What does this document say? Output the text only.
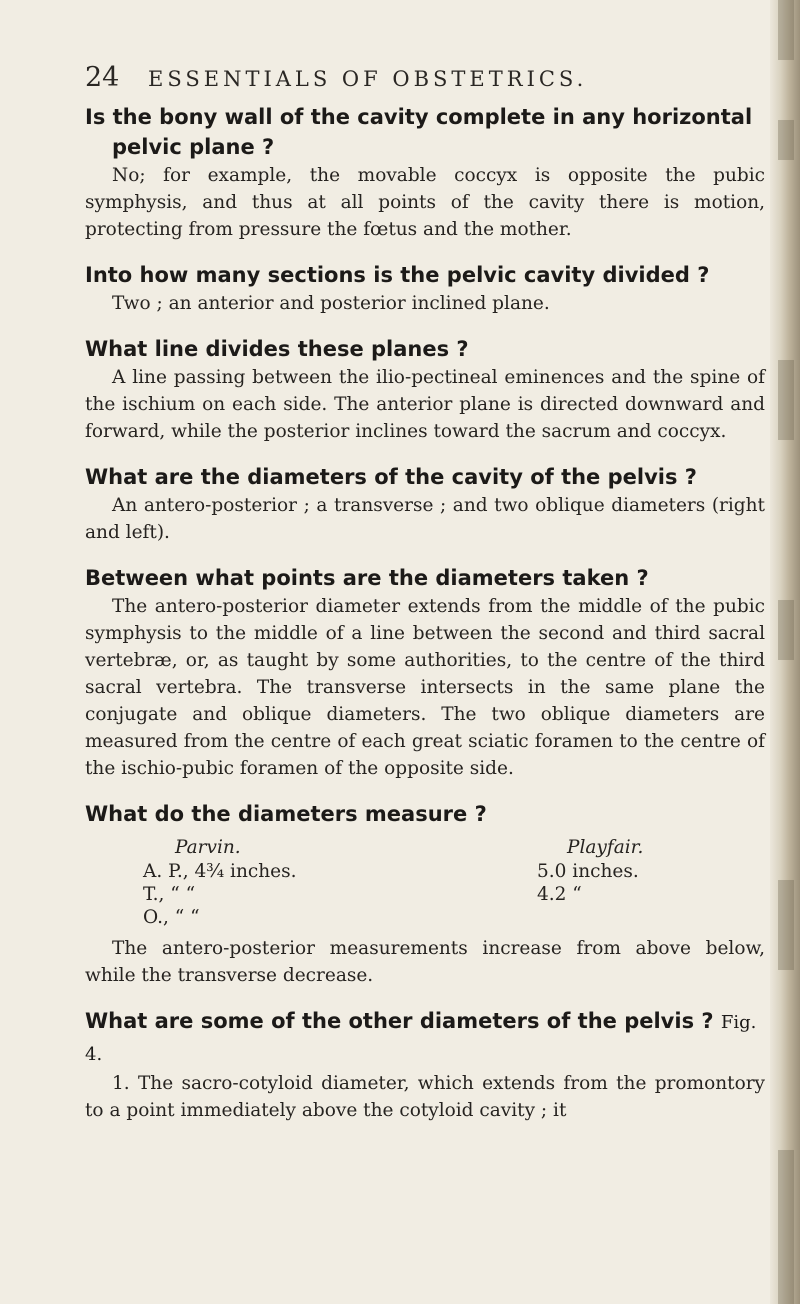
24 ESSENTIALS OF OBSTETRICS.

Is the bony wall of the cavity complete in any horizontal
pelvic plane ?

No; for example, the movable coccyx is opposite the pubic symphysis, and thus at all points of the cavity there is motion, protecting from pressure the fœtus and the mother.

Into how many sections is the pelvic cavity divided ?

Two ; an anterior and posterior inclined plane.

What line divides these planes ?

A line passing between the ilio-pectineal eminences and the spine of the ischium on each side. The anterior plane is directed downward and forward, while the posterior inclines toward the sacrum and coccyx.

What are the diameters of the cavity of the pelvis ?

An antero-posterior ; a transverse ; and two oblique diameters (right and left).

Between what points are the diameters taken ?

The antero-posterior diameter extends from the middle of the pubic symphysis to the middle of a line between the second and third sacral vertebræ, or, as taught by some authorities, to the centre of the third sacral vertebra. The transverse intersects in the same plane the conjugate and oblique diameters. The two oblique diameters are measured from the centre of each great sciatic foramen to the centre of the ischio-pubic foramen of the opposite side.

What do the diameters measure ?

Parvin.
A. P., 4¾ inches.
T., “ “
O., “ “
Playfair.
5.0 inches.
4.2 “

The antero-posterior measurements increase from above below, while the transverse decrease.

What are some of the other diameters of the pelvis ? Fig. 4.

1. The sacro-cotyloid diameter, which extends from the promontory to a point immediately above the cotyloid cavity ; it
